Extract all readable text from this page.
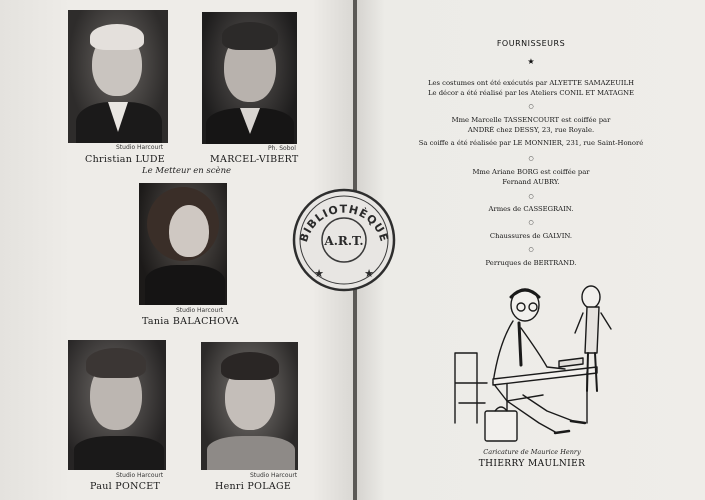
Studio Harcourt
Christian LUDE
Ph. Sobol
MARCEL-VIBERT
Le Metteur en scène
Studio Harcourt
Tania BALACHOVA
Studio Harcourt
Paul PONCET
Studio Harcourt
Henri POLAGE
BIBLIOTHÈQUE
A.R.T.
★	★
FOURNISSEURS
★
Les costumes ont été exécutés par ALYETTE SAMAZEUILH
Le décor a été réalisé par les Ateliers CONIL ET MATAGNE
○
Mme Marcelle TASSENCOURT est coiffée par
ANDRÉ chez DESSY, 23, rue Royale.
Sa coiffe a été réalisée par LE MONNIER, 231, rue Saint-Honoré
○
Mme Ariane BORG est coiffée par
Fernand AUBRY.
○
Armes de CASSEGRAIN.
○
Chaussures de GALVIN.
○
Perruques de BERTRAND.
Caricature de Maurice Henry
THIERRY MAULNIER
